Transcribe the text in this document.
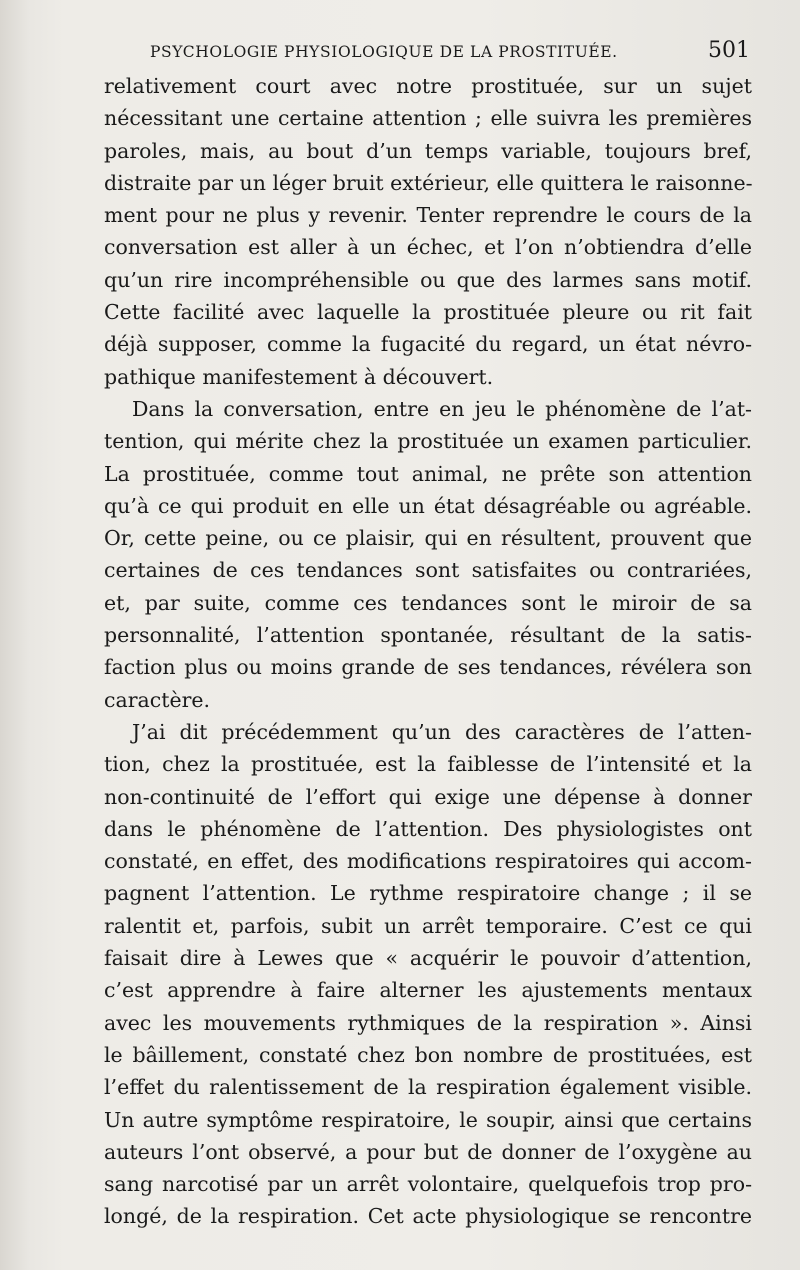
PSYCHOLOGIE PHYSIOLOGIQUE DE LA PROSTITUÉE.	501
relativement court avec notre prostituée, sur un sujet
nécessitant une certaine attention ; elle suivra les premières
paroles, mais, au bout d’un temps variable, toujours bref,
distraite par un léger bruit extérieur, elle quittera le raisonne-
ment pour ne plus y revenir. Tenter reprendre le cours de la
conversation est aller à un échec, et l’on n’obtiendra d’elle
qu’un rire incompréhensible ou que des larmes sans motif.
Cette facilité avec laquelle la prostituée pleure ou rit fait
déjà supposer, comme la fugacité du regard, un état névro-
pathique manifestement à découvert.
Dans la conversation, entre en jeu le phénomène de l’at-
tention, qui mérite chez la prostituée un examen particulier.
La prostituée, comme tout animal, ne prête son attention
qu’à ce qui produit en elle un état désagréable ou agréable.
Or, cette peine, ou ce plaisir, qui en résultent, prouvent que
certaines de ces tendances sont satisfaites ou contrariées,
et, par suite, comme ces tendances sont le miroir de sa
personnalité, l’attention spontanée, résultant de la satis-
faction plus ou moins grande de ses tendances, révélera son
caractère.
J’ai dit précédemment qu’un des caractères de l’atten-
tion, chez la prostituée, est la faiblesse de l’intensité et la
non-continuité de l’effort qui exige une dépense à donner
dans le phénomène de l’attention. Des physiologistes ont
constaté, en effet, des modifications respiratoires qui accom-
pagnent l’attention. Le rythme respiratoire change ; il se
ralentit et, parfois, subit un arrêt temporaire. C’est ce qui
faisait dire à Lewes que « acquérir le pouvoir d’attention,
c’est apprendre à faire alterner les ajustements mentaux
avec les mouvements rythmiques de la respiration ». Ainsi
le bâillement, constaté chez bon nombre de prostituées, est
l’effet du ralentissement de la respiration également visible.
Un autre symptôme respiratoire, le soupir, ainsi que certains
auteurs l’ont observé, a pour but de donner de l’oxygène au
sang narcotisé par un arrêt volontaire, quelquefois trop pro-
longé, de la respiration. Cet acte physiologique se rencontre
